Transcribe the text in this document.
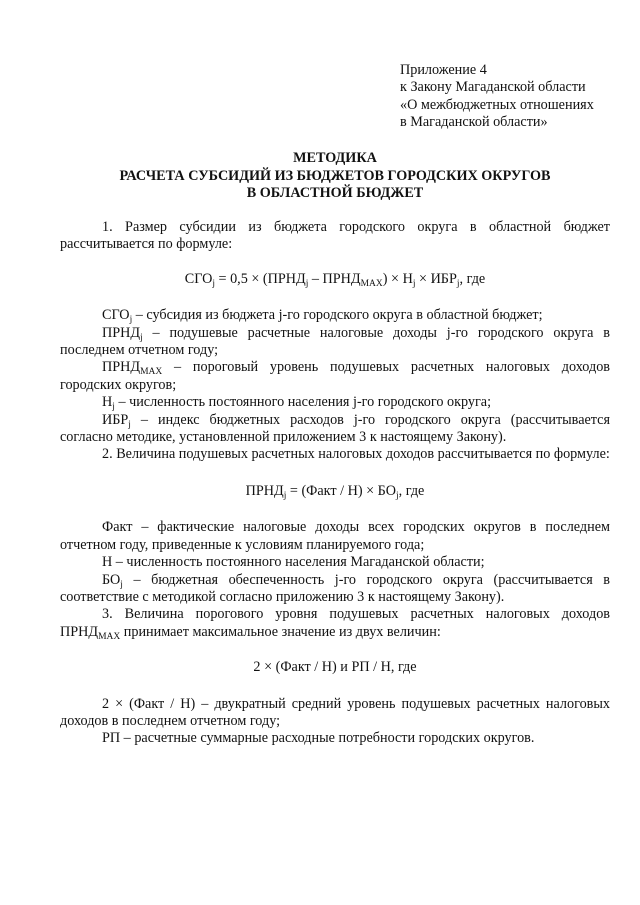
Приложение 4
к Закону Магаданской области
«О межбюджетных отношениях
в Магаданской области»
МЕТОДИКА
РАСЧЕТА СУБСИДИЙ ИЗ БЮДЖЕТОВ ГОРОДСКИХ ОКРУГОВ
В ОБЛАСТНОЙ БЮДЖЕТ

1. Размер субсидии из бюджета городского округа в областной бюджет рассчитывается по формуле:

$СГО_j = 0,5$ × ($ПРНД_j$ – $ПРНД_{MAX}) \times Н_j \times ИБР_j$, где

$СГО_j$ – субсидия из бюджета j-го городского округа в областной бюджет;

$ПРНД_j$ – подушевые расчетные налоговые доходы j-го городского округа в последнем отчетном году;

$ПРНД_{MAX}$ – пороговый уровень подушевых расчетных налоговых доходов городских округов;

$Н_j$ – численность постоянного населения j-го городского округа;

$ИБР_j$ – индекс бюджетных расходов j-го городского округа (рассчитывается согласно методике, установленной приложением 3 к настоящему Закону).

2. Величина подушевых расчетных налоговых доходов рассчитывается по формуле:

$ПРНД_j$ = (Факт / $Н) \times БО_j$, где

Факт – фактические налоговые доходы всех городских округов в последнем отчетном году, приведенные к условиям планируемого года;

Н – численность постоянного населения Магаданской области;

$БО_j$ – бюджетная обеспеченность j-го городского округа (рассчитывается в соответствие с методикой согласно приложению 3 к настоящему Закону).

3. Величина порогового уровня подушевых расчетных налоговых доходов $ПРНД_{MAX}$ принимает максимальное значение из двух величин:

2 × (Факт / Н) и РП / Н, где

2 × (Факт / Н) – двукратный средний уровень подушевых расчетных налоговых доходов в последнем отчетном году;

РП – расчетные суммарные расходные потребности городских округов.
